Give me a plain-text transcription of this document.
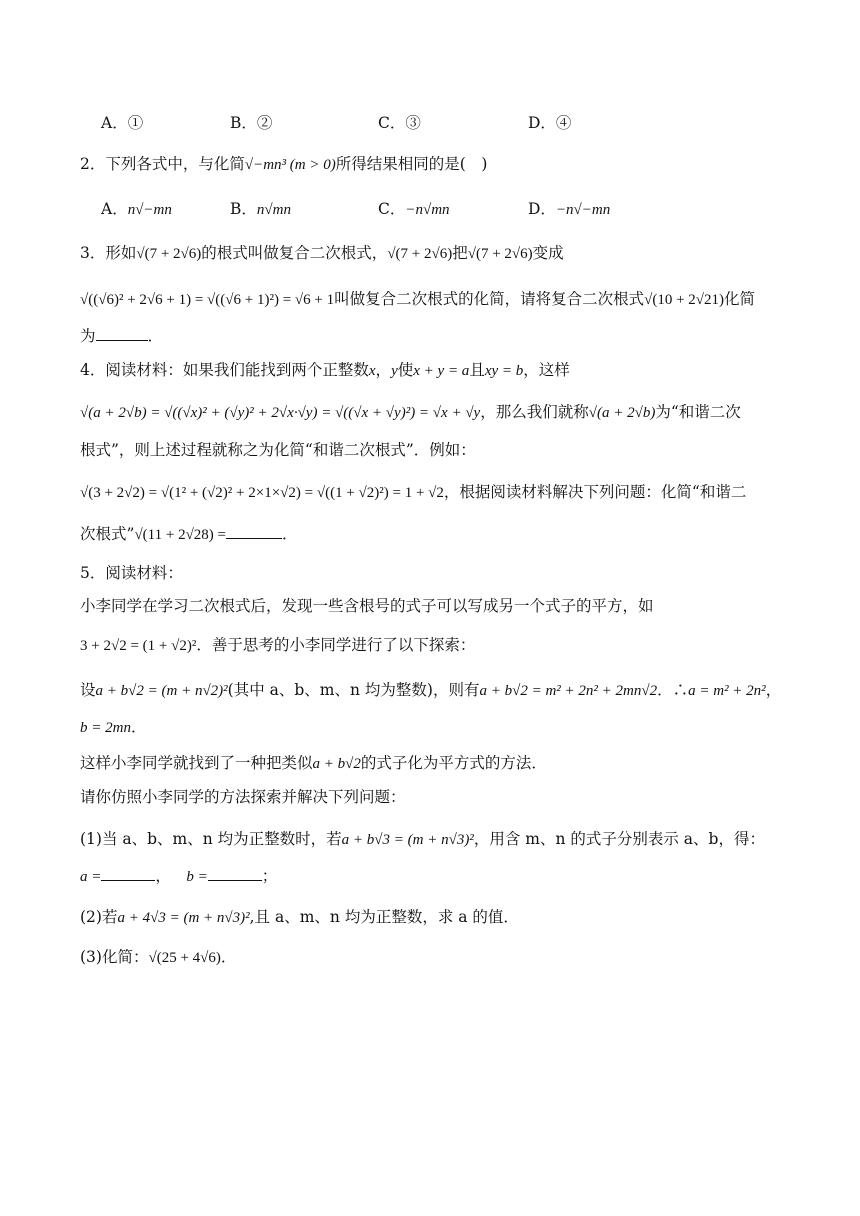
A．①	B．②	C．③	D．④
2．下列各式中，与化简√−mn³ (m > 0)所得结果相同的是(　)
A．n√−mn	B．n√mn	C．−n√mn	D．−n√−mn
3．形如√(7 + 2√6)的根式叫做复合二次根式，√(7 + 2√6)把√(7 + 2√6)变成
√((√6)² + 2√6 + 1) = √((√6 + 1)²) = √6 + 1叫做复合二次根式的化简，请将复合二次根式√(10 + 2√21)化简
为	．
4．阅读材料：如果我们能找到两个正整数x，y使x + y = a且xy = b，这样
√(a + 2√b) = √((√x)² + (√y)² + 2√x·√y) = √((√x + √y)²) = √x + √y，那么我们就称√(a + 2√b)为“和谐二次
根式”，则上述过程就称之为化简“和谐二次根式”．例如：
√(3 + 2√2) = √(1² + (√2)² + 2×1×√2) = √((1 + √2)²) = 1 + √2，根据阅读材料解决下列问题：化简“和谐二
次根式”√(11 + 2√28) =	．
5．阅读材料：
小李同学在学习二次根式后，发现一些含根号的式子可以写成另一个式子的平方，如
3 + 2√2 = (1 + √2)²．善于思考的小李同学进行了以下探索：
设a + b√2 = (m + n√2)²(其中 a、b、m、n 均为整数)，则有a + b√2 = m² + 2n² + 2mn√2．∴a = m² + 2n²，
b = 2mn．
这样小李同学就找到了一种把类似a + b√2的式子化为平方式的方法．
请你仿照小李同学的方法探索并解决下列问题：
(1)当 a、b、m、n 均为正整数时，若a + b√3 = (m + n√3)²，用含 m、n 的式子分别表示 a、b，得：
a =	，  b =	；
(2)若a + 4√3 = (m + n√3)²,且 a、m、n 均为正整数，求 a 的值．
(3)化简：√(25 + 4√6)．
